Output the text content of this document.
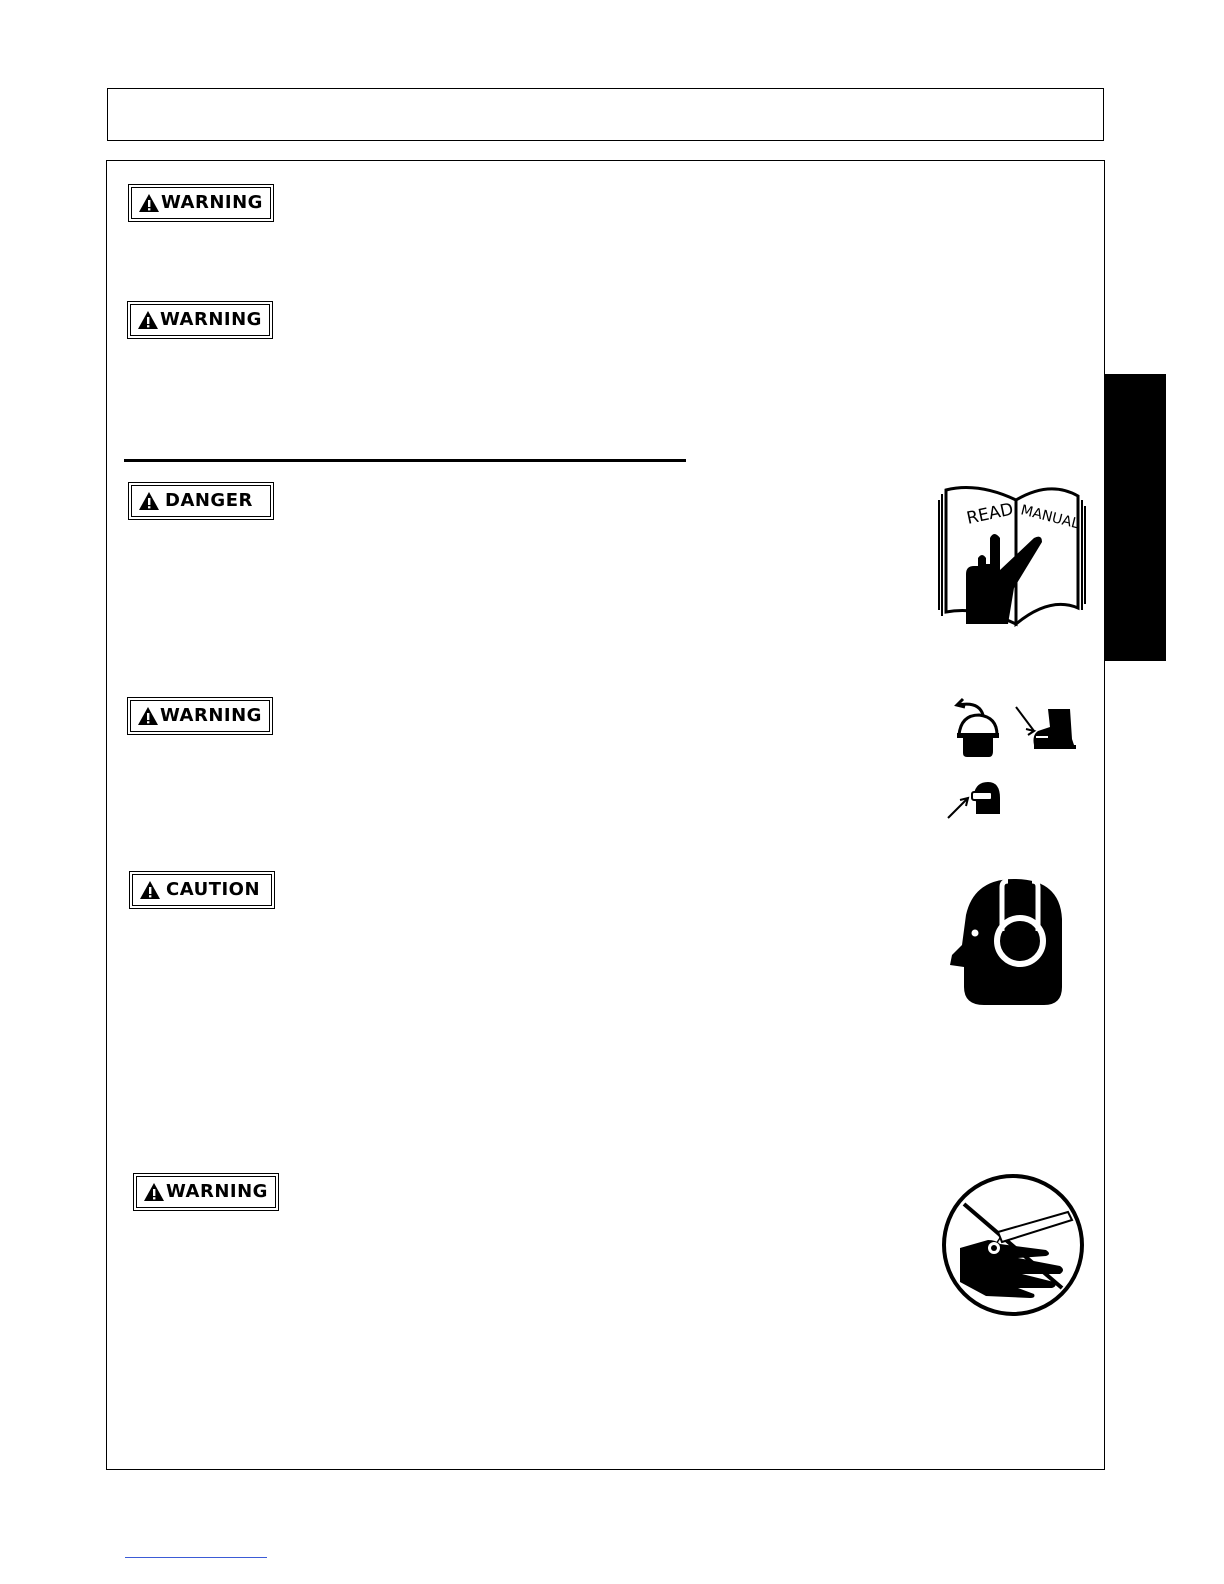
WARNING
WARNING
DANGER
WARNING
CAUTION
WARNING
READ MANUAL
